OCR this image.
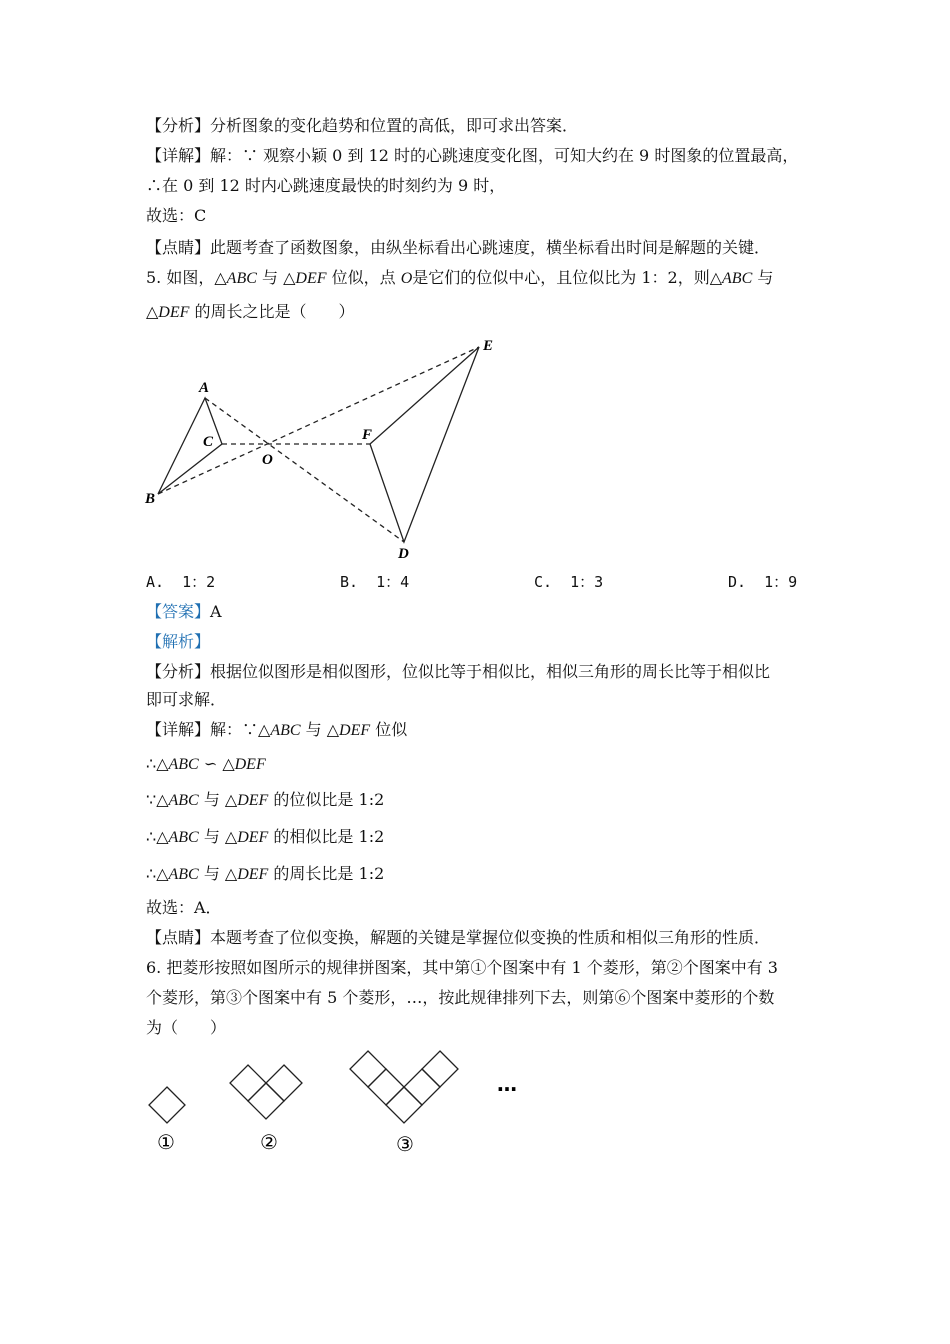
【分析】分析图象的变化趋势和位置的高低，即可求出答案．
【详解】解：∵ 观察小颖 0 到 12 时的心跳速度变化图，可知大约在 9 时图象的位置最高，
∴在 0 到 12 时内心跳速度最快的时刻约为 9 时，
故选：C
【点睛】此题考查了函数图象，由纵坐标看出心跳速度，横坐标看出时间是解题的关键．
5. 如图，△ABC 与 △DEF 位似，点 O是它们的位似中心，且位似比为 1：2，则△ABC 与
△DEF 的周长之比是（　　）
A
B
C
O
D
E
F
A. 1：2	B. 1：4	C. 1：3	D. 1：9
【答案】A
【解析】
【分析】根据位似图形是相似图形，位似比等于相似比，相似三角形的周长比等于相似比
即可求解．
【详解】解：∵△ABC 与 △DEF 位似
∴△ABC ∽ △DEF
∵△ABC 与 △DEF 的位似比是 1:2
∴△ABC 与 △DEF 的相似比是 1:2
∴△ABC 与 △DEF 的周长比是 1:2
故选：A．
【点睛】本题考查了位似变换，解题的关键是掌握位似变换的性质和相似三角形的性质．
6. 把菱形按照如图所示的规律拼图案，其中第①个图案中有 1 个菱形，第②个图案中有 3
个菱形，第③个图案中有 5 个菱形，…，按此规律排列下去，则第⑥个图案中菱形的个数
为（　　）
①	②	③
…
